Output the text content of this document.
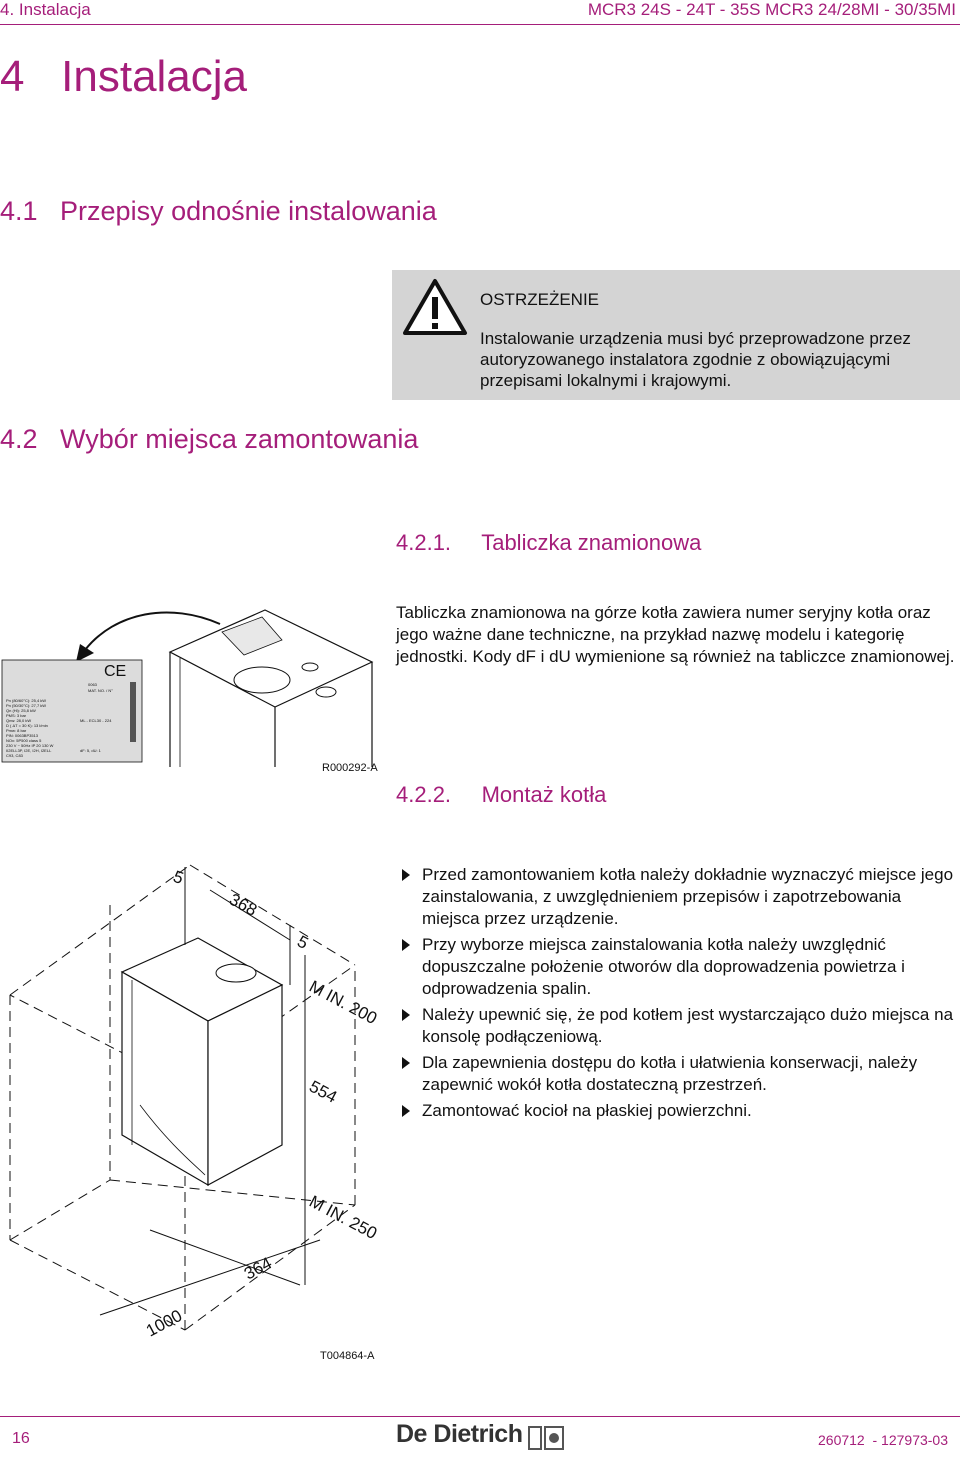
4. Instalacja	MCR3 24S - 24T - 35S MCR3 24/28MI - 30/35MI
4   Instalacja
4.1   Przepisy odnośnie instalowania
OSTRZEŻENIE
Instalowanie urządzenia musi być przeprowadzone przez autoryzowanego instalatora zgodnie z obowiązującymi przepisami lokalnymi i krajowymi.
4.2   Wybór miejsca zamontowania
4.2.1.     Tabliczka znamionowa
Tabliczka znamionowa na górze kotła zawiera numer seryjny kotła oraz jego ważne dane techniczne, na przykład nazwę modelu i kategorię jednostki. Kody dF i dU wymienione są również na tabliczce znamionowej.
CE
0063
MAT. NO. / N°
Pn (80/60°C): 25,4 kW
Pn (50/30°C): 27,7 kW
Qn (Hi): 25,8 kW
PMS: 3 bar
Qnw: 28,0 kW
D ( ΔT = 30 K): 13 l/min
Pmw: 8 bar
PIN: 0063BP3513
NOx: 5P500 class 5
230 V ~ 50Hz IP 20 130 W
II2ELL3P, I2E, I2H, I2ELL
C93, C83
ML - ECL30 - 224
dF: 5, dU: 1
R000292-A
4.2.2.     Montaż kotła
Przed zamontowaniem kotła należy dokładnie wyznaczyć miejsce jego zainstalowania, z uwzględnieniem przepisów i zapotrzebowania miejsca przez urządzenie.
Przy wyborze miejsca zainstalowania kotła należy uwzględnić dopuszczalne położenie otworów dla doprowadzenia powietrza i odprowadzenia spalin.
Należy upewnić się, że pod kotłem jest wystarczająco dużo miejsca na konsolę podłączeniową.
Dla zapewnienia dostępu do kotła i ułatwienia konserwacji, należy zapewnić wokół kotła dostateczną przestrzeń.
Zamontować kocioł na płaskiej powierzchni.
5
368
5
M IN. 200
554
M IN. 250
364
1000
T004864-A
16	De Dietrich	260712  - 127973-03
